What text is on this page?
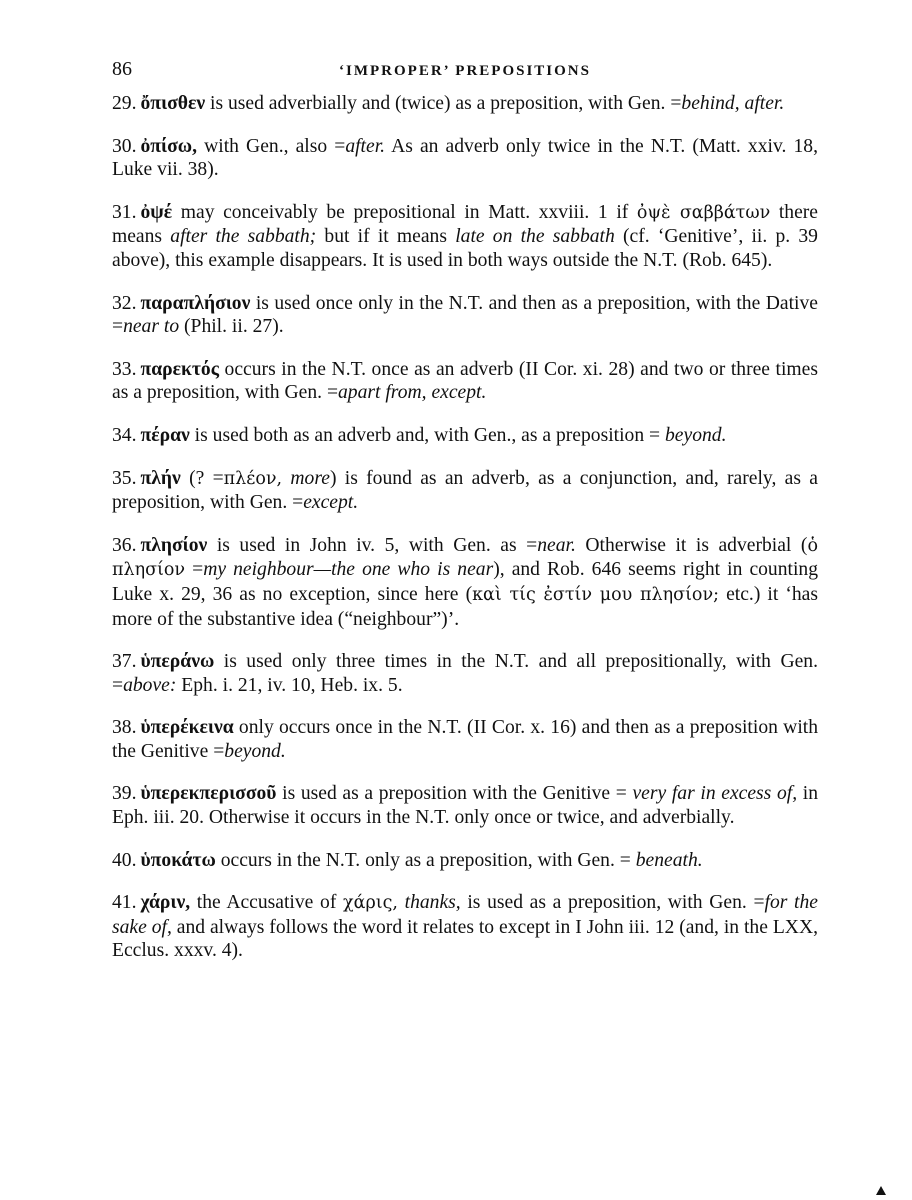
86	‘IMPROPER’ PREPOSITIONS

29. ὄπισθεν is used adverbially and (twice) as a preposition, with Gen. =behind, after.

30. ὀπίσω, with Gen., also =after. As an adverb only twice in the N.T. (Matt. xxiv. 18, Luke vii. 38).

31. ὀψέ may conceivably be prepositional in Matt. xxviii. 1 if ὀψὲ σαββάτων there means after the sabbath; but if it means late on the sabbath (cf. ‘Genitive’, ii. p. 39 above), this example disappears. It is used in both ways outside the N.T. (Rob. 645).

32. παραπλήσιον is used once only in the N.T. and then as a preposition, with the Dative =near to (Phil. ii. 27).

33. παρεκτός occurs in the N.T. once as an adverb (II Cor. xi. 28) and two or three times as a preposition, with Gen. =apart from, except.

34. πέραν is used both as an adverb and, with Gen., as a preposition = beyond.

35. πλήν (? =πλέον, more) is found as an adverb, as a conjunction, and, rarely, as a preposition, with Gen. =except.

36. πλησίον is used in John iv. 5, with Gen. as =near. Otherwise it is adverbial (ὁ πλησίον =my neighbour—the one who is near), and Rob. 646 seems right in counting Luke x. 29, 36 as no exception, since here (καὶ τίς ἐστίν μου πλησίον; etc.) it ‘has more of the substantive idea (“neighbour”)’.

37. ὑπεράνω is used only three times in the N.T. and all prepositionally, with Gen. =above: Eph. i. 21, iv. 10, Heb. ix. 5.

38. ὑπερέκεινα only occurs once in the N.T. (II Cor. x. 16) and then as a preposition with the Genitive =beyond.

39. ὑπερεκπερισσοῦ is used as a preposition with the Genitive = very far in excess of, in Eph. iii. 20. Otherwise it occurs in the N.T. only once or twice, and adverbially.

40. ὑποκάτω occurs in the N.T. only as a preposition, with Gen. = beneath.

41. χάριν, the Accusative of χάρις, thanks, is used as a preposition, with Gen. =for the sake of, and always follows the word it relates to except in I John iii. 12 (and, in the LXX, Ecclus. xxxv. 4).
